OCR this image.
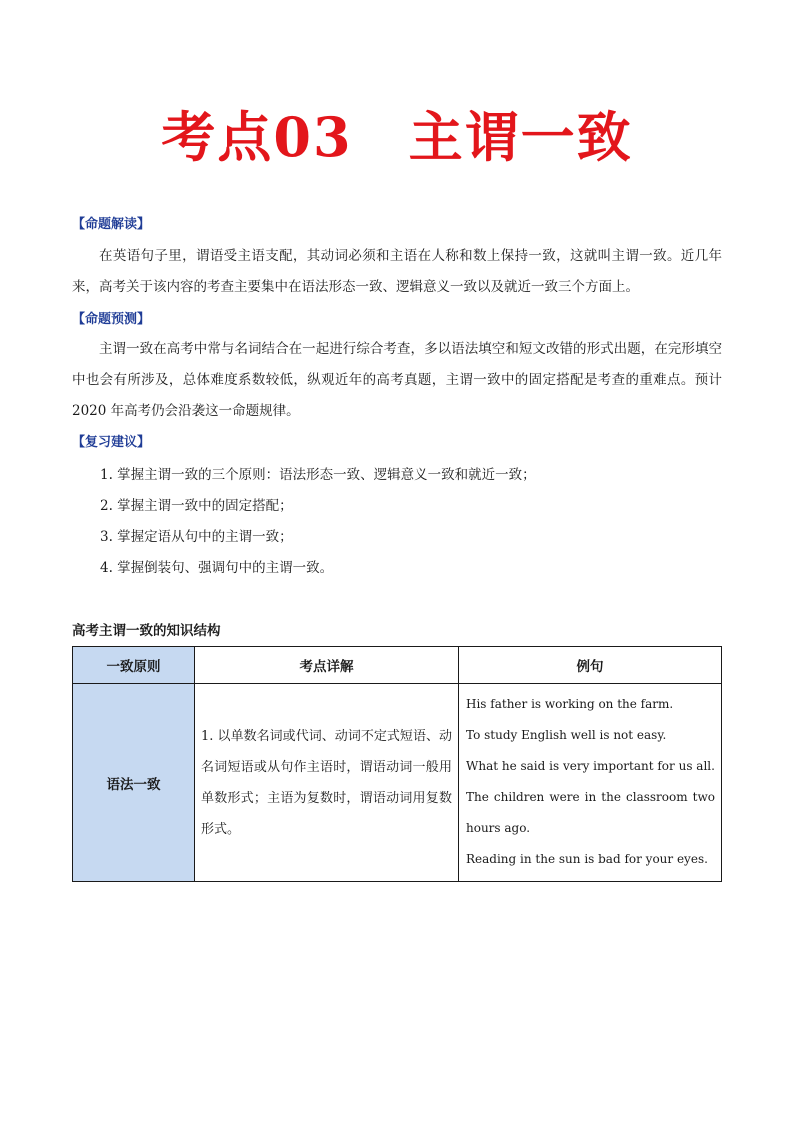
考点03　主谓一致
【命题解读】
在英语句子里，谓语受主语支配，其动词必须和主语在人称和数上保持一致，这就叫主谓一致。近几年来，高考关于该内容的考查主要集中在语法形态一致、逻辑意义一致以及就近一致三个方面上。
【命题预测】
主谓一致在高考中常与名词结合在一起进行综合考查，多以语法填空和短文改错的形式出题，在完形填空中也会有所涉及，总体难度系数较低，纵观近年的高考真题，主谓一致中的固定搭配是考查的重难点。预计 2020 年高考仍会沿袭这一命题规律。
【复习建议】
1. 掌握主谓一致的三个原则：语法形态一致、逻辑意义一致和就近一致；
2. 掌握主谓一致中的固定搭配；
3. 掌握定语从句中的主谓一致；
4. 掌握倒装句、强调句中的主谓一致。
高考主谓一致的知识结构
一致原则	考点详解	例句
语法一致	1. 以单数名词或代词、动词不定式短语、动名词短语或从句作主语时，谓语动词一般用单数形式；主语为复数时，谓语动词用复数形式。	His father is working on the farm.
To study English well is not easy.
What he said is very important for us all.
The children were in the classroom two hours ago.
Reading in the sun is bad for your eyes.
